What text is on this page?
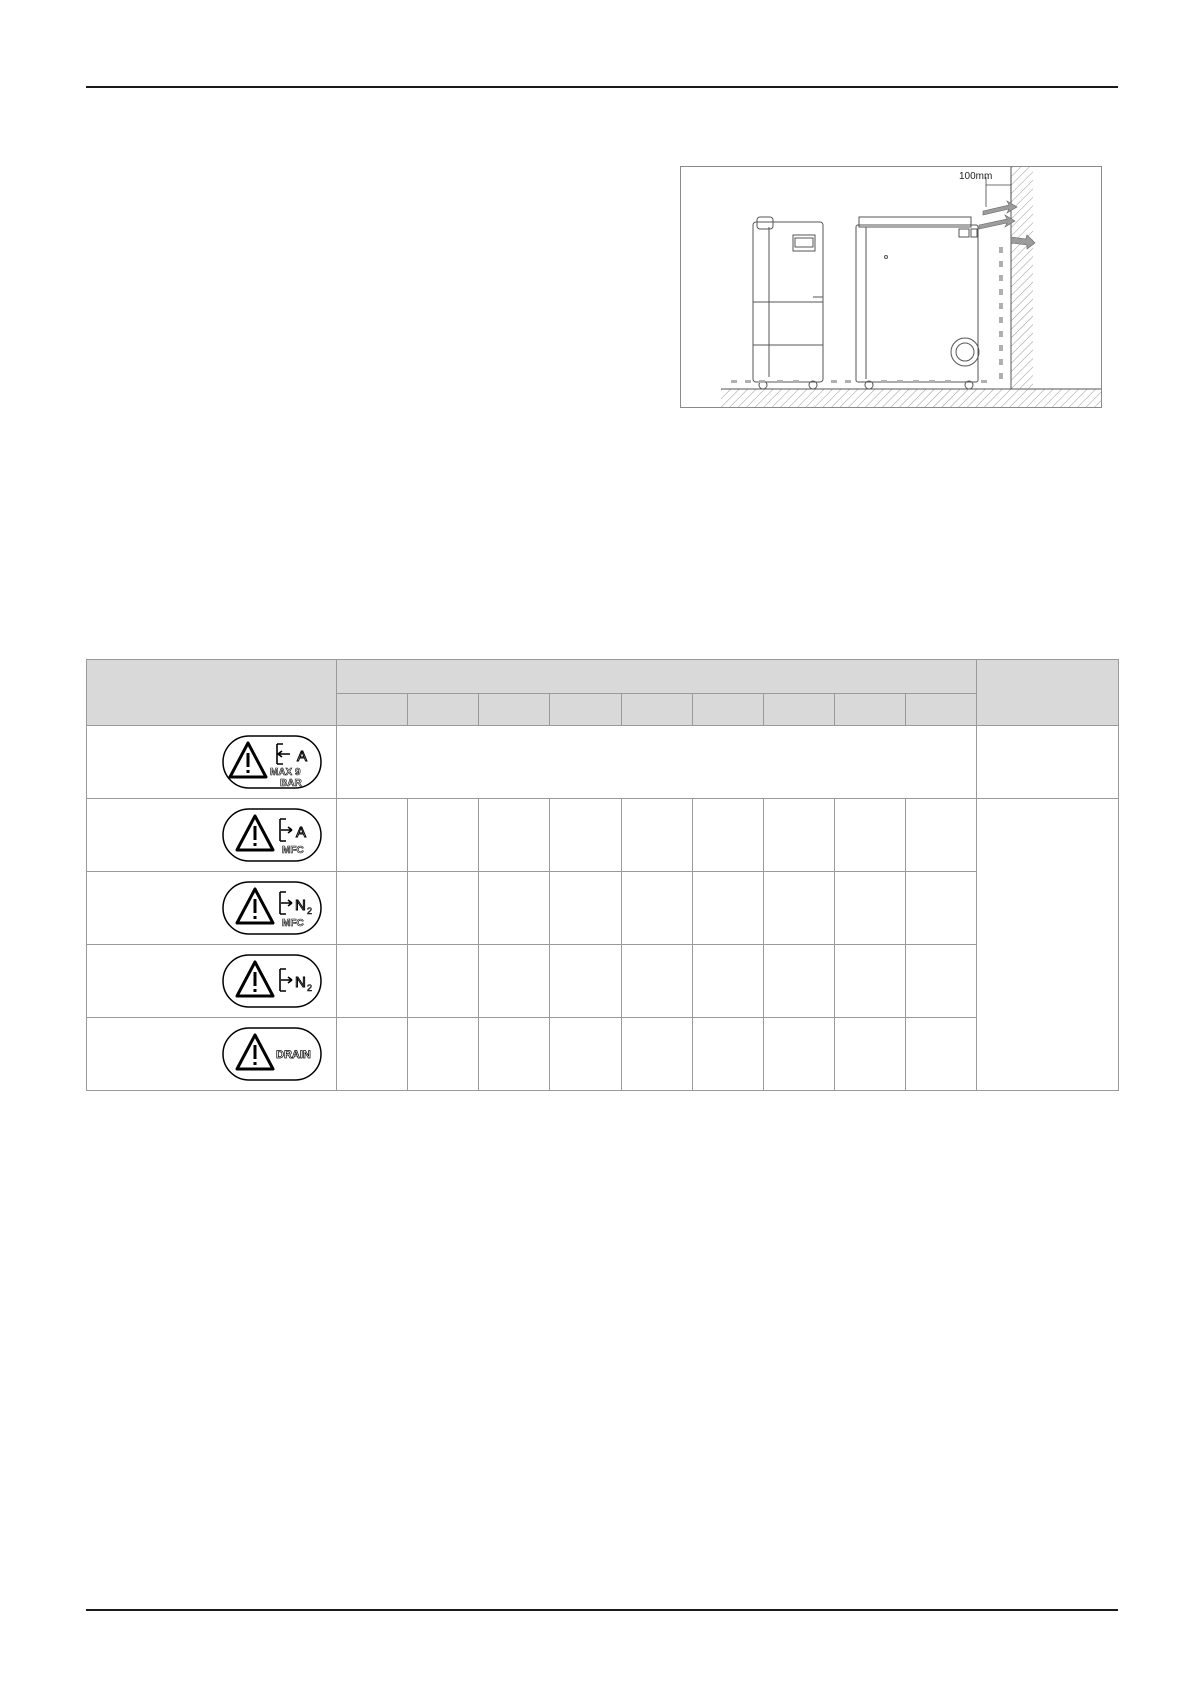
100mm

A
MAX 9
BAR										

A
MFC										

N 2
MFC										

N 2										

DRAIN										
